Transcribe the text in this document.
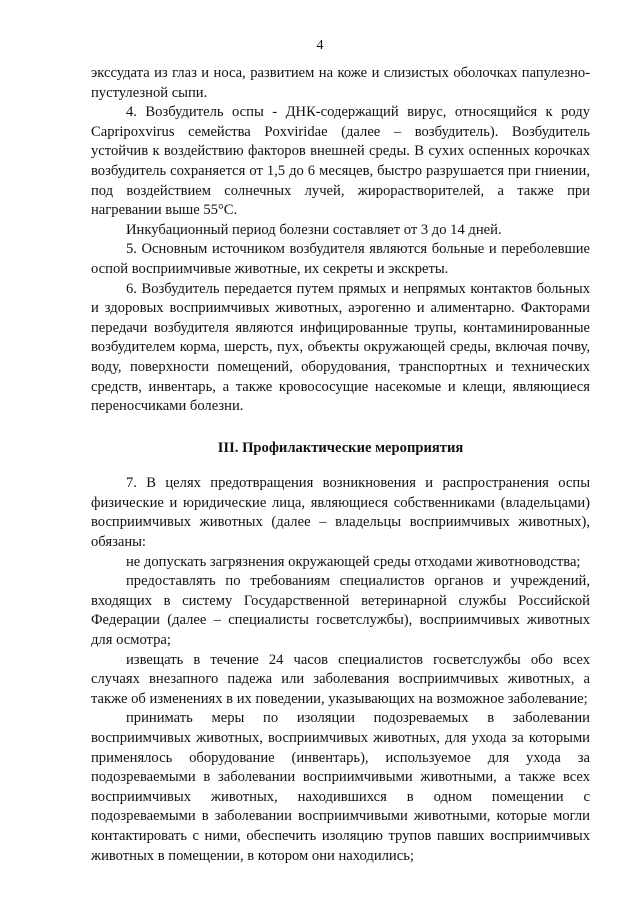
4

экссудата из глаз и носа, развитием на коже и слизистых оболочках папулезно-пустулезной сыпи.

4. Возбудитель оспы - ДНК-содержащий вирус, относящийся к роду Capripoxvirus семейства Poxviridae (далее – возбудитель). Возбудитель устойчив к воздействию факторов внешней среды. В сухих оспенных корочках возбудитель сохраняется от 1,5 до 6 месяцев, быстро разрушается при гниении, под воздействием солнечных лучей, жирорастворителей, а также при нагревании выше 55°С.

Инкубационный период болезни составляет от 3 до 14 дней.

5. Основным источником возбудителя являются больные и переболевшие оспой восприимчивые животные, их секреты и экскреты.

6. Возбудитель передается путем прямых и непрямых контактов больных и здоровых восприимчивых животных, аэрогенно и алиментарно. Факторами передачи возбудителя являются инфицированные трупы, контаминированные возбудителем корма, шерсть, пух, объекты окружающей среды, включая почву, воду, поверхности помещений, оборудования, транспортных и технических средств, инвентарь, а также кровососущие насекомые и клещи, являющиеся переносчиками болезни.

III. Профилактические мероприятия

7. В целях предотвращения возникновения и распространения оспы физические и юридические лица, являющиеся собственниками (владельцами) восприимчивых животных (далее – владельцы восприимчивых животных), обязаны:

не допускать загрязнения окружающей среды отходами животноводства;

предоставлять по требованиям специалистов органов и учреждений, входящих в систему Государственной ветеринарной службы Российской Федерации (далее – специалисты госветслужбы), восприимчивых животных для осмотра;

извещать в течение 24 часов специалистов госветслужбы обо всех случаях внезапного падежа или заболевания восприимчивых животных, а также об изменениях в их поведении, указывающих на возможное заболевание;

принимать меры по изоляции подозреваемых в заболевании восприимчивых животных, восприимчивых животных, для ухода за которыми применялось оборудование (инвентарь), используемое для ухода за подозреваемыми в заболевании восприимчивыми животными, а также всех восприимчивых животных, находившихся в одном помещении с подозреваемыми в заболевании восприимчивыми животными, которые могли контактировать с ними, обеспечить изоляцию трупов павших восприимчивых животных в помещении, в котором они находились;
